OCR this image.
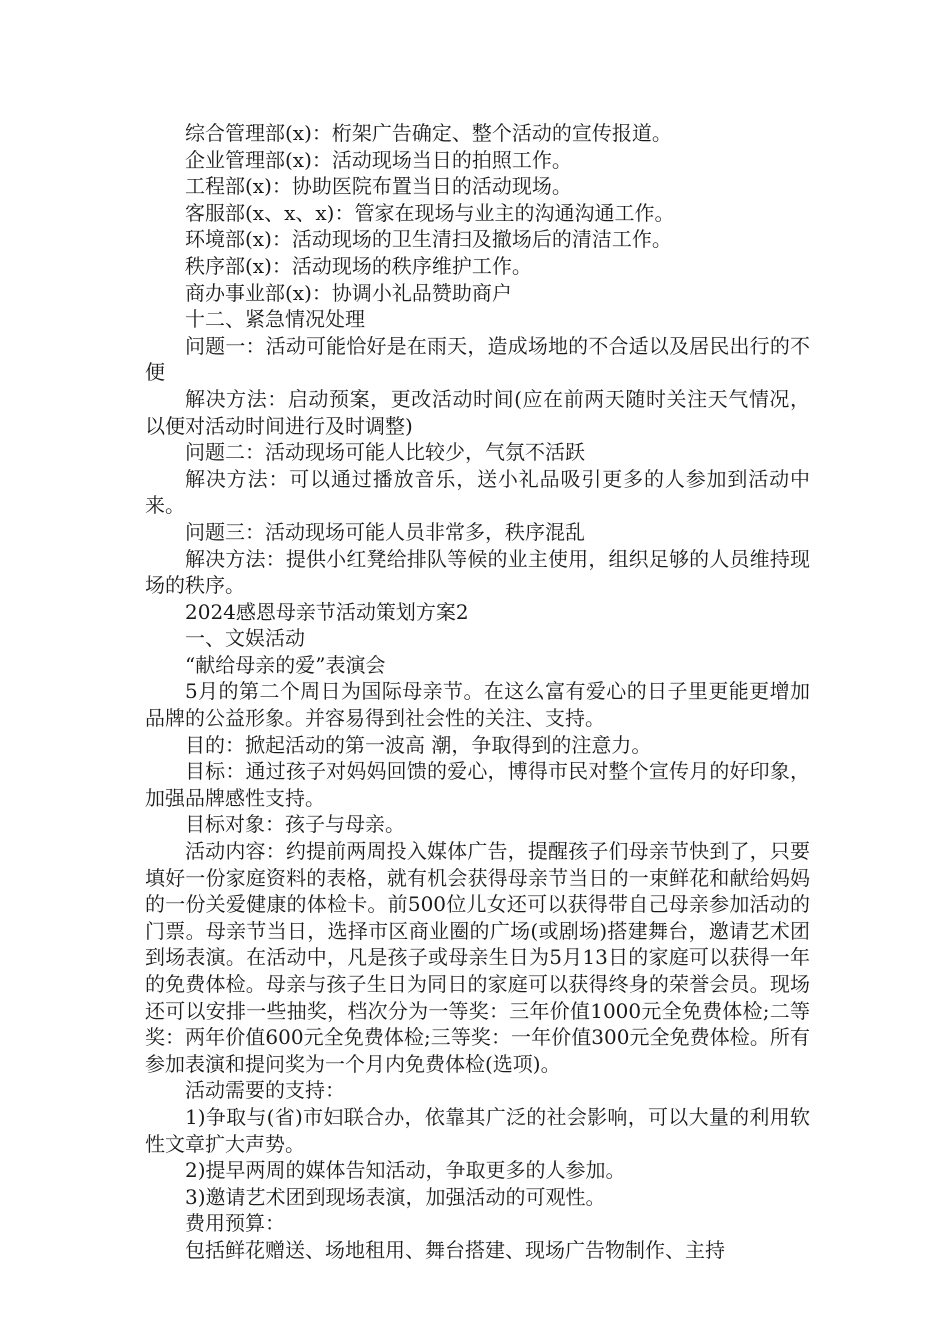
综合管理部(x)：桁架广告确定、整个活动的宣传报道。

企业管理部(x)：活动现场当日的拍照工作。

工程部(x)：协助医院布置当日的活动现场。

客服部(x、x、x)：管家在现场与业主的沟通沟通工作。

环境部(x)：活动现场的卫生清扫及撤场后的清洁工作。

秩序部(x)：活动现场的秩序维护工作。

商办事业部(x)：协调小礼品赞助商户

十二、紧急情况处理

问题一：活动可能恰好是在雨天，造成场地的不合适以及居民出行的不便

解决方法：启动预案，更改活动时间(应在前两天随时关注天气情况，以便对活动时间进行及时调整)

问题二：活动现场可能人比较少，气氛不活跃

解决方法：可以通过播放音乐，送小礼品吸引更多的人参加到活动中来。

问题三：活动现场可能人员非常多，秩序混乱

解决方法：提供小红凳给排队等候的业主使用，组织足够的人员维持现场的秩序。

2024感恩母亲节活动策划方案2

一、文娱活动

“献给母亲的爱”表演会

5月的第二个周日为国际母亲节。在这么富有爱心的日子里更能更增加品牌的公益形象。并容易得到社会性的关注、支持。

目的：掀起活动的第一波高 潮，争取得到的注意力。

目标：通过孩子对妈妈回馈的爱心，博得市民对整个宣传月的好印象，加强品牌感性支持。

目标对象：孩子与母亲。

活动内容：约提前两周投入媒体广告，提醒孩子们母亲节快到了，只要填好一份家庭资料的表格，就有机会获得母亲节当日的一束鲜花和献给妈妈的一份关爱健康的体检卡。前500位儿女还可以获得带自己母亲参加活动的门票。母亲节当日，选择市区商业圈的广场(或剧场)搭建舞台，邀请艺术团到场表演。在活动中，凡是孩子或母亲生日为5月13日的家庭可以获得一年的免费体检。母亲与孩子生日为同日的家庭可以获得终身的荣誉会员。现场还可以安排一些抽奖，档次分为一等奖：三年价值1000元全免费体检;二等奖：两年价值600元全免费体检;三等奖：一年价值300元全免费体检。所有参加表演和提问奖为一个月内免费体检(选项)。

活动需要的支持：

1)争取与(省)市妇联合办，依靠其广泛的社会影响，可以大量的利用软性文章扩大声势。

2)提早两周的媒体告知活动，争取更多的人参加。

3)邀请艺术团到现场表演，加强活动的可观性。

费用预算：

包括鲜花赠送、场地租用、舞台搭建、现场广告物制作、主持
